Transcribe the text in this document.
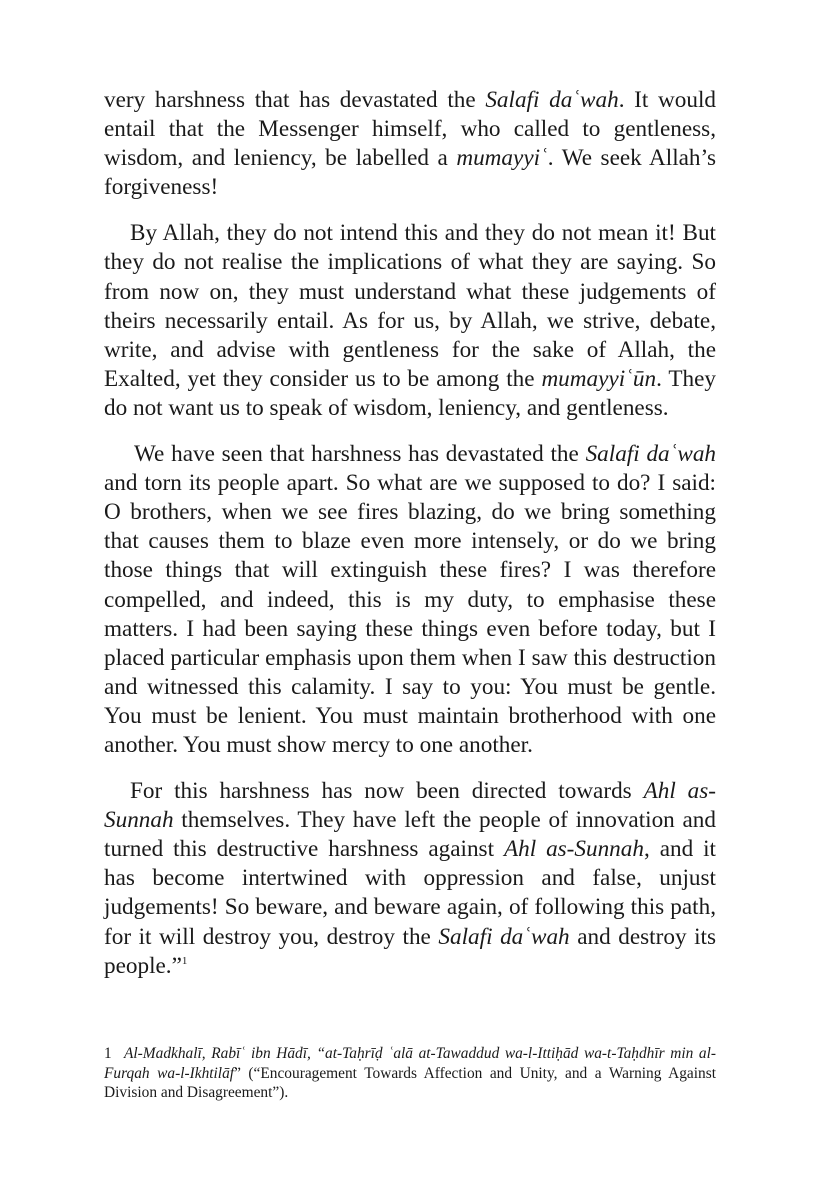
very harshness that has devastated the Salafi daʿwah. It would entail that the Messenger himself, who called to gentleness, wisdom, and leniency, be labelled a mumayyiʿ. We seek Allah’s forgiveness!

By Allah, they do not intend this and they do not mean it! But they do not realise the implications of what they are saying. So from now on, they must understand what these judgements of theirs necessarily entail. As for us, by Allah, we strive, debate, write, and advise with gentleness for the sake of Allah, the Exalted, yet they consider us to be among the mumayyiʿūn. They do not want us to speak of wisdom, leniency, and gentleness.

We have seen that harshness has devastated the Salafi daʿwah and torn its people apart. So what are we supposed to do? I said: O brothers, when we see fires blazing, do we bring something that causes them to blaze even more intensely, or do we bring those things that will extinguish these fires? I was therefore compelled, and indeed, this is my duty, to emphasise these matters. I had been saying these things even before today, but I placed particular emphasis upon them when I saw this destruction and witnessed this calamity. I say to you: You must be gentle. You must be lenient. You must maintain brotherhood with one another. You must show mercy to one another.

For this harshness has now been directed towards Ahl as-Sunnah themselves. They have left the people of innovation and turned this destructive harshness against Ahl as-Sunnah, and it has become intertwined with oppression and false, unjust judgements! So beware, and beware again, of following this path, for it will destroy you, destroy the Salafi daʿwah and destroy its people.”$^1$

1 Al-Madkhalī, Rabīʿ ibn Hādī, “at-Taḥrīḍ ʿalā at-Tawaddud wa-l-Ittiḥād wa-t-Taḥdhīr min al-Furqah wa-l-Ikhtilāf” (“Encouragement Towards Affection and Unity, and a Warning Against Division and Disagreement”).
